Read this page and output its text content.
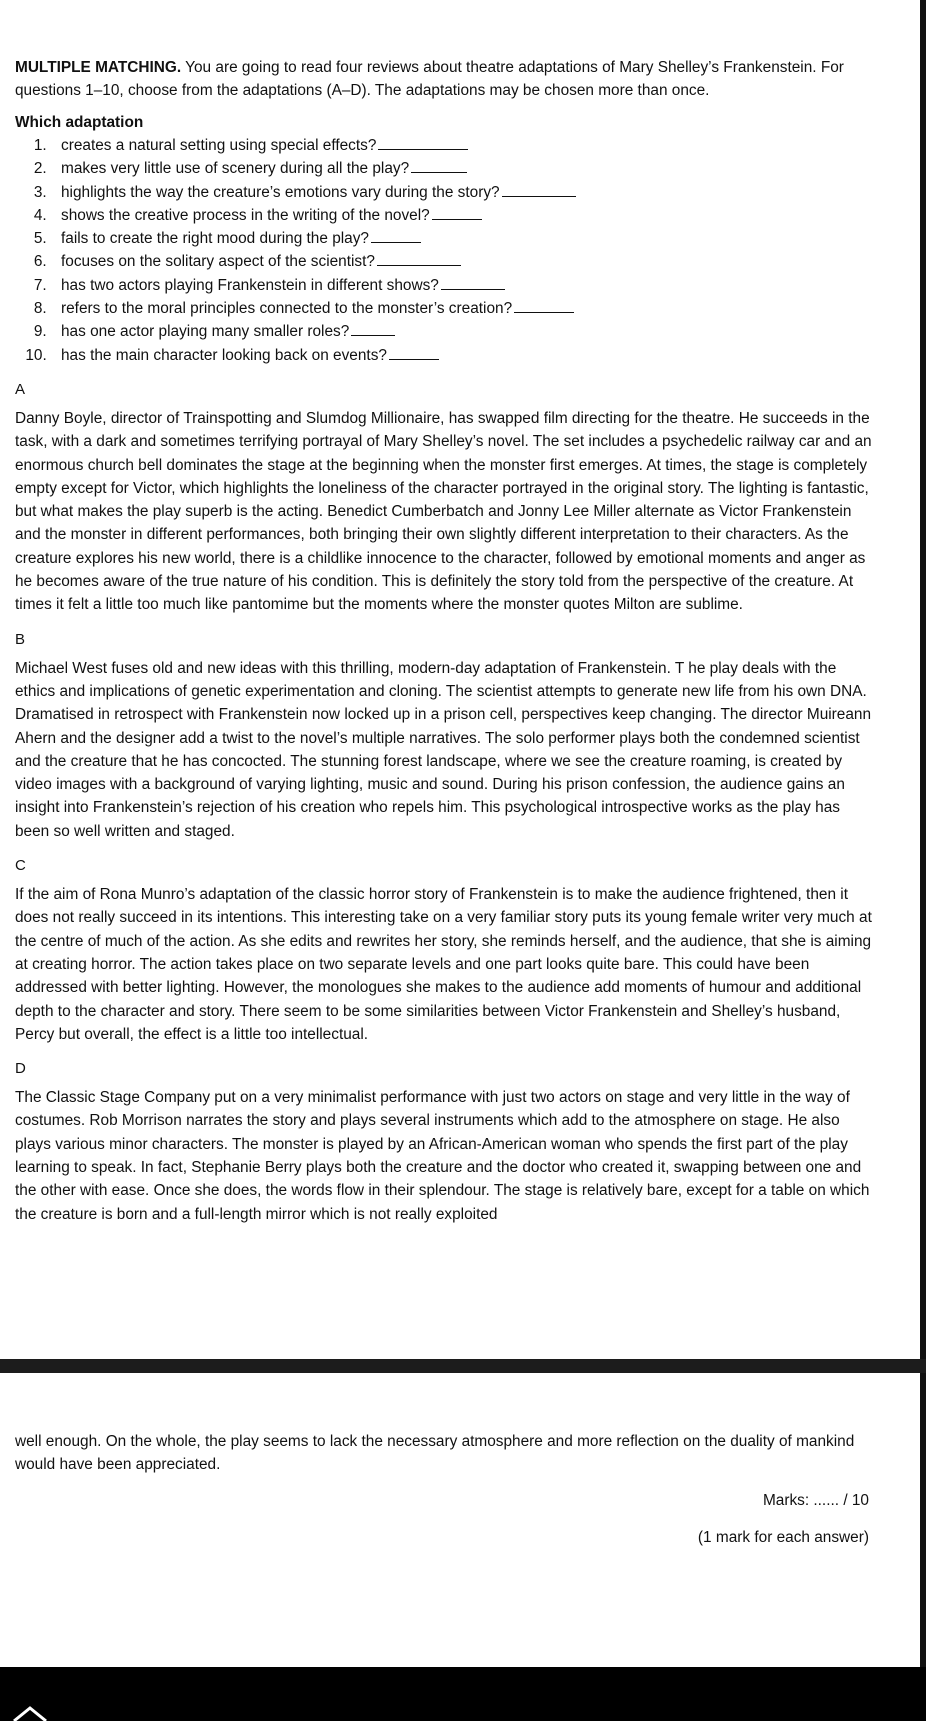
MULTIPLE MATCHING. You are going to read four reviews about theatre adaptations of Mary Shelley’s Frankenstein. For questions 1–10, choose from the adaptations (A–D). The adaptations may be chosen more than once.

Which adaptation

1. creates a natural setting using special effects?
2. makes very little use of scenery during all the play?
3. highlights the way the creature’s emotions vary during the story?
4. shows the creative process in the writing of the novel?
5. fails to create the right mood during the play?
6. focuses on the solitary aspect of the scientist?
7. has two actors playing Frankenstein in different shows?
8. refers to the moral principles connected to the monster’s creation?
9. has one actor playing many smaller roles?
10. has the main character looking back on events?

A

Danny Boyle, director of Trainspotting and Slumdog Millionaire, has swapped film directing for the theatre. He succeeds in the task, with a dark and sometimes terrifying portrayal of Mary Shelley’s novel. The set includes a psychedelic railway car and an enormous church bell dominates the stage at the beginning when the monster first emerges. At times, the stage is completely empty except for Victor, which highlights the loneliness of the character portrayed in the original story. The lighting is fantastic, but what makes the play superb is the acting. Benedict Cumberbatch and Jonny Lee Miller alternate as Victor Frankenstein and the monster in different performances, both bringing their own slightly different interpretation to their characters. As the creature explores his new world, there is a childlike innocence to the character, followed by emotional moments and anger as he becomes aware of the true nature of his condition. This is definitely the story told from the perspective of the creature. At times it felt a little too much like pantomime but the moments where the monster quotes Milton are sublime.

B

Michael West fuses old and new ideas with this thrilling, modern-day adaptation of Frankenstein. T he play deals with the ethics and implications of genetic experimentation and cloning. The scientist attempts to generate new life from his own DNA. Dramatised in retrospect with Frankenstein now locked up in a prison cell, perspectives keep changing. The director Muireann Ahern and the designer add a twist to the novel’s multiple narratives. The solo performer plays both the condemned scientist and the creature that he has concocted. The stunning forest landscape, where we see the creature roaming, is created by video images with a background of varying lighting, music and sound. During his prison confession, the audience gains an insight into Frankenstein’s rejection of his creation who repels him. This psychological introspective works as the play has been so well written and staged.

C

If the aim of Rona Munro’s adaptation of the classic horror story of Frankenstein is to make the audience frightened, then it does not really succeed in its intentions. This interesting take on a very familiar story puts its young female writer very much at the centre of much of the action. As she edits and rewrites her story, she reminds herself, and the audience, that she is aiming at creating horror. The action takes place on two separate levels and one part looks quite bare. This could have been addressed with better lighting. However, the monologues she makes to the audience add moments of humour and additional depth to the character and story. There seem to be some similarities between Victor Frankenstein and Shelley’s husband, Percy but overall, the effect is a little too intellectual.

D

The Classic Stage Company put on a very minimalist performance with just two actors on stage and very little in the way of costumes. Rob Morrison narrates the story and plays several instruments which add to the atmosphere on stage. He also plays various minor characters. The monster is played by an African-American woman who spends the first part of the play learning to speak. In fact, Stephanie Berry plays both the creature and the doctor who created it, swapping between one and the other with ease. Once she does, the words flow in their splendour. The stage is relatively bare, except for a table on which the creature is born and a full-length mirror which is not really exploited

well enough. On the whole, the play seems to lack the necessary atmosphere and more reflection on the duality of mankind would have been appreciated.

Marks: ...... / 10

(1 mark for each answer)
